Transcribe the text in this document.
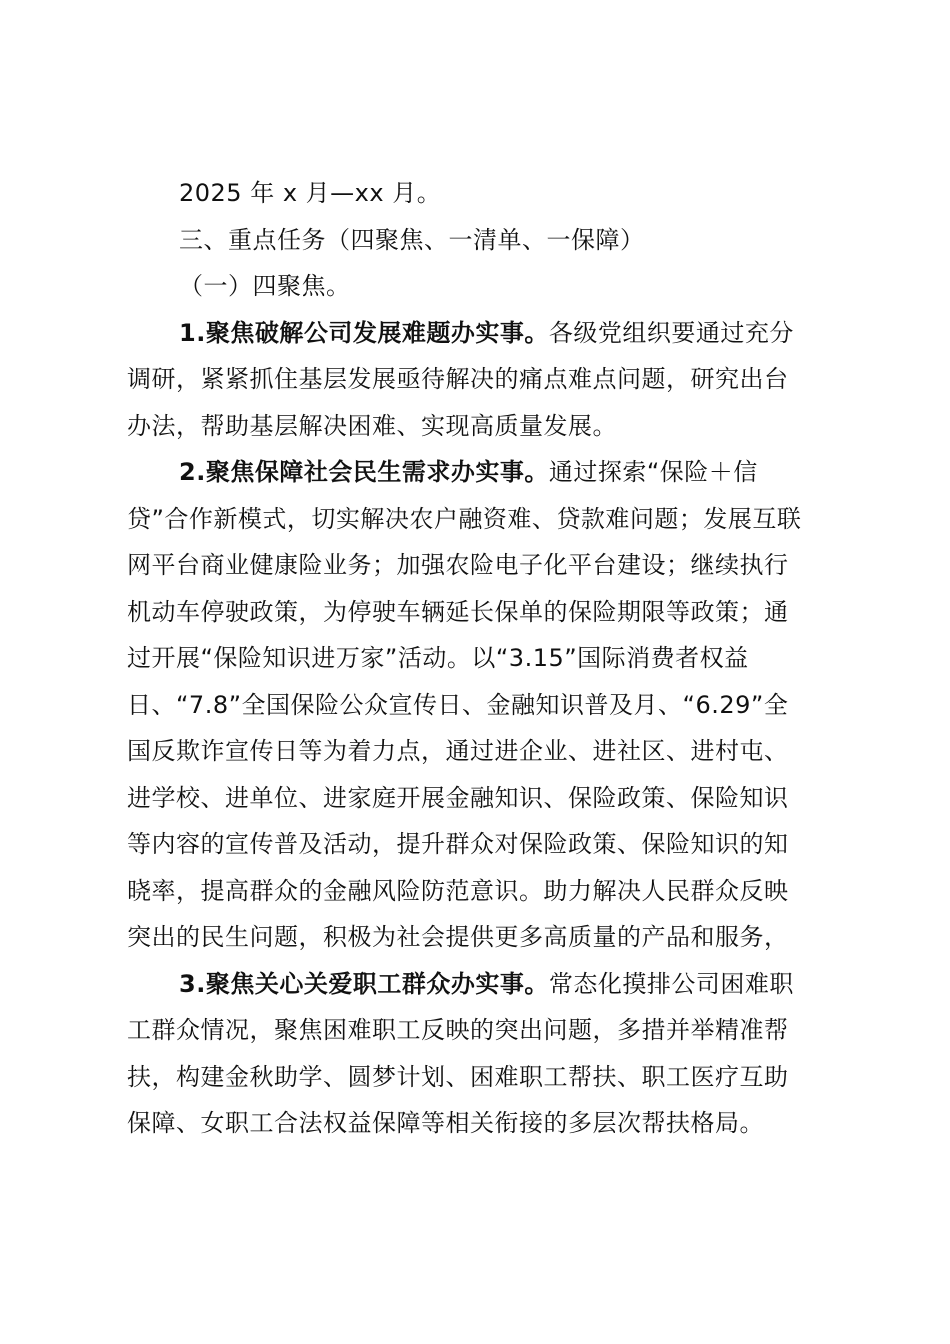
2025 年 x 月—xx 月。
三、重点任务（四聚焦、一清单、一保障）
（一）四聚焦。
1.聚焦破解公司发展难题办实事。各级党组织要通过充分
调研，紧紧抓住基层发展亟待解决的痛点难点问题，研究出台
办法，帮助基层解决困难、实现高质量发展。
2.聚焦保障社会民生需求办实事。通过探索“保险＋信
贷”合作新模式，切实解决农户融资难、贷款难问题；发展互联
网平台商业健康险业务；加强农险电子化平台建设；继续执行
机动车停驶政策，为停驶车辆延长保单的保险期限等政策；通
过开展“保险知识进万家”活动。以“3.15”国际消费者权益
日、“7.8”全国保险公众宣传日、金融知识普及月、“6.29”全
国反欺诈宣传日等为着力点，通过进企业、进社区、进村屯、
进学校、进单位、进家庭开展金融知识、保险政策、保险知识
等内容的宣传普及活动，提升群众对保险政策、保险知识的知
晓率，提高群众的金融风险防范意识。助力解决人民群众反映
突出的民生问题，积极为社会提供更多高质量的产品和服务，
3.聚焦关心关爱职工群众办实事。常态化摸排公司困难职
工群众情况，聚焦困难职工反映的突出问题，多措并举精准帮
扶，构建金秋助学、圆梦计划、困难职工帮扶、职工医疗互助
保障、女职工合法权益保障等相关衔接的多层次帮扶格局。
